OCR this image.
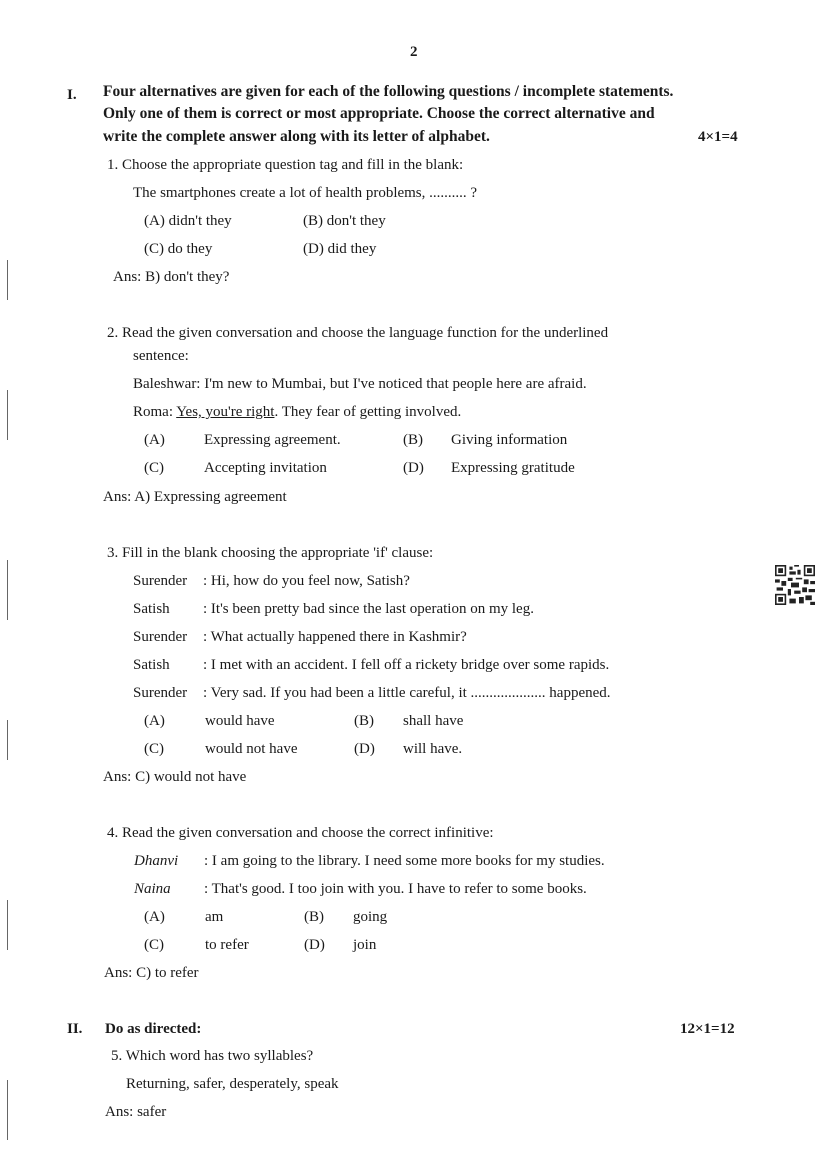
2
I. Four alternatives are given for each of the following questions / incomplete statements.
Only one of them is correct or most appropriate. Choose the correct alternative and
write the complete answer along with its letter of alphabet.	4×1=4
1. Choose the appropriate question tag and fill in the blank:
The smartphones create a lot of health problems, .......... ?
(A) didn't they	(B) don't they
(C) do they	(D) did they
Ans: B) don't they?
2. Read the given conversation and choose the language function for the underlined
sentence:
Baleshwar: I'm new to Mumbai, but I've noticed that people here are afraid.
Roma: Yes, you're right. They fear of getting involved.
(A)	Expressing agreement.	(B) Giving information
(C)	Accepting invitation	(D) Expressing gratitude
Ans: A) Expressing agreement
3. Fill in the blank choosing the appropriate 'if' clause:
Surender : Hi, how do you feel now, Satish?
Satish : It's been pretty bad since the last operation on my leg.
Surender : What actually happened there in Kashmir?
Satish : I met with an accident. I fell off a rickety bridge over some rapids.
Surender : Very sad. If you had been a little careful, it .................... happened.
(A)	would have	(B) shall have
(C)	would not have	(D) will have.
Ans: C) would not have
4. Read the given conversation and choose the correct infinitive:
Dhanvi : I am going to the library. I need some more books for my studies.
Naina : That's good. I too join with you. I have to refer to some books.
(A)	am	(B) going
(C)	to refer	(D) join
Ans: C) to refer
II. Do as directed:	12×1=12
5. Which word has two syllables?
Returning, safer, desperately, speak
Ans: safer
